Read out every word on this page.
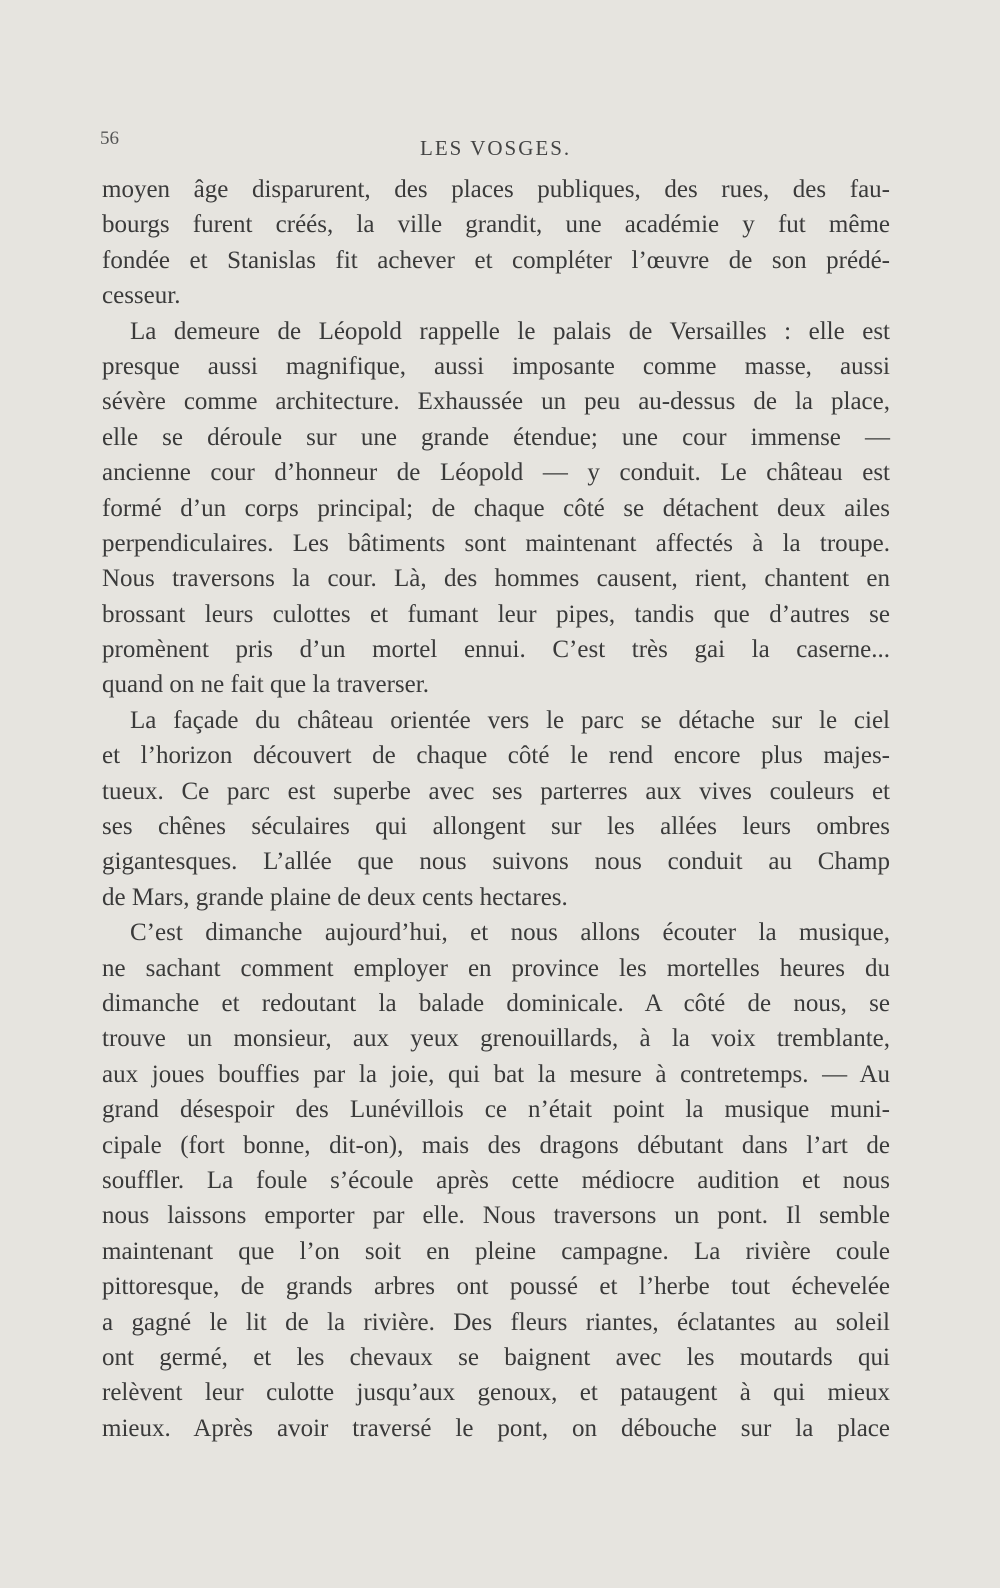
56	LES VOSGES.
moyen âge disparurent, des places publiques, des rues, des fau-
bourgs furent créés, la ville grandit, une académie y fut même
fondée et Stanislas fit achever et compléter l’œuvre de son prédé-
cesseur.
La demeure de Léopold rappelle le palais de Versailles : elle est
presque aussi magnifique, aussi imposante comme masse, aussi
sévère comme architecture. Exhaussée un peu au-dessus de la place,
elle se déroule sur une grande étendue; une cour immense —
ancienne cour d’honneur de Léopold — y conduit. Le château est
formé d’un corps principal; de chaque côté se détachent deux ailes
perpendiculaires. Les bâtiments sont maintenant affectés à la troupe.
Nous traversons la cour. Là, des hommes causent, rient, chantent en
brossant leurs culottes et fumant leur pipes, tandis que d’autres se
promènent pris d’un mortel ennui. C’est très gai la caserne...
quand on ne fait que la traverser.
La façade du château orientée vers le parc se détache sur le ciel
et l’horizon découvert de chaque côté le rend encore plus majes-
tueux. Ce parc est superbe avec ses parterres aux vives couleurs et
ses chênes séculaires qui allongent sur les allées leurs ombres
gigantesques. L’allée que nous suivons nous conduit au Champ
de Mars, grande plaine de deux cents hectares.
C’est dimanche aujourd’hui, et nous allons écouter la musique,
ne sachant comment employer en province les mortelles heures du
dimanche et redoutant la balade dominicale. A côté de nous, se
trouve un monsieur, aux yeux grenouillards, à la voix tremblante,
aux joues bouffies par la joie, qui bat la mesure à contretemps. — Au
grand désespoir des Lunévillois ce n’était point la musique muni-
cipale (fort bonne, dit-on), mais des dragons débutant dans l’art de
souffler. La foule s’écoule après cette médiocre audition et nous
nous laissons emporter par elle. Nous traversons un pont. Il semble
maintenant que l’on soit en pleine campagne. La rivière coule
pittoresque, de grands arbres ont poussé et l’herbe tout échevelée
a gagné le lit de la rivière. Des fleurs riantes, éclatantes au soleil
ont germé, et les chevaux se baignent avec les moutards qui
relèvent leur culotte jusqu’aux genoux, et pataugent à qui mieux
mieux. Après avoir traversé le pont, on débouche sur la place
